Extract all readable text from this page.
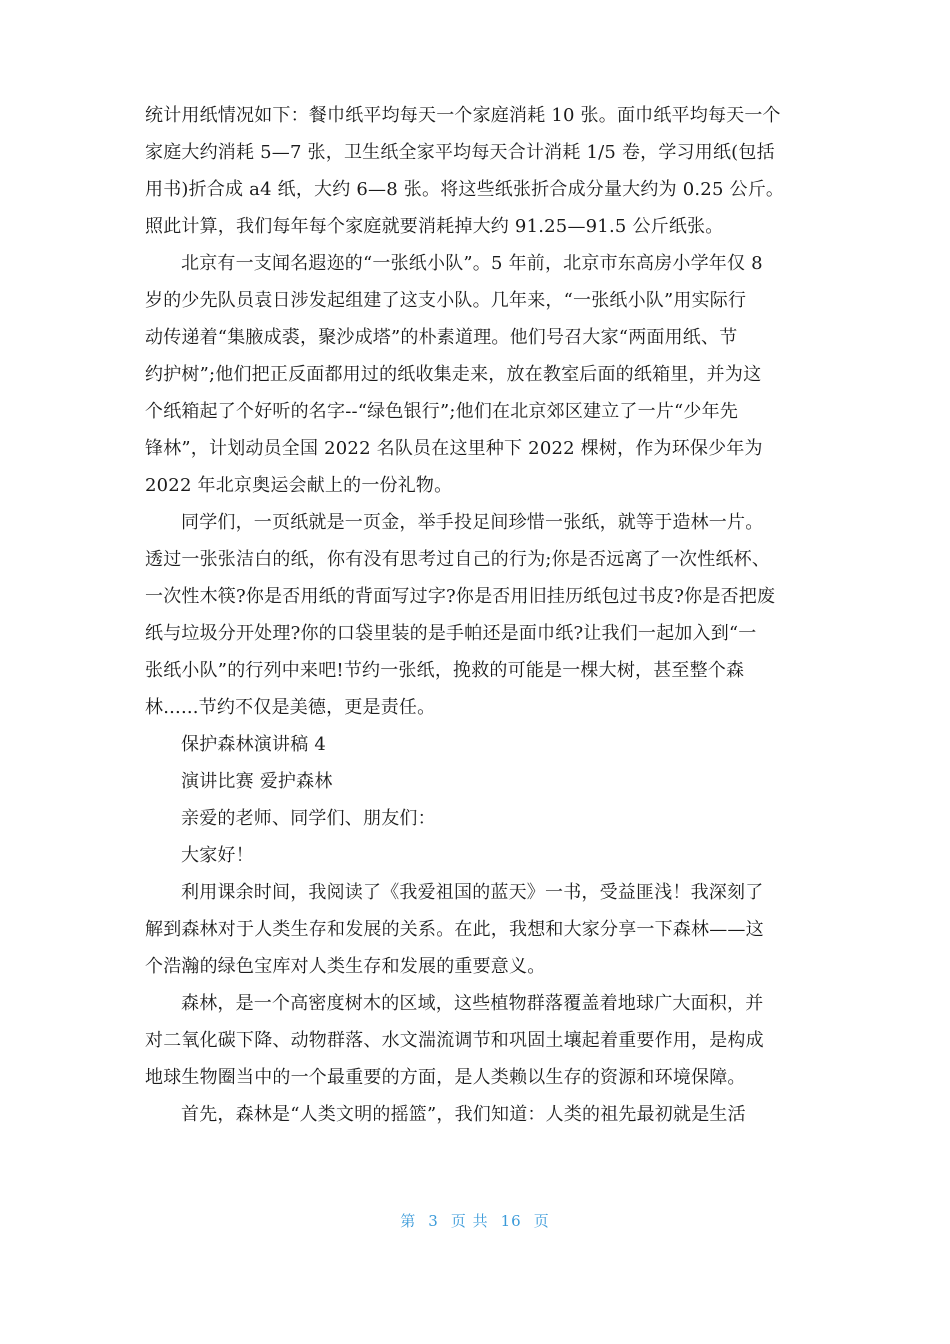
统计用纸情况如下：餐巾纸平均每天一个家庭消耗 10 张。面巾纸平均每天一个
家庭大约消耗 5—7 张，卫生纸全家平均每天合计消耗 1/5 卷，学习用纸(包括
用书)折合成 a4 纸，大约 6—8 张。将这些纸张折合成分量大约为 0.25 公斤。
照此计算，我们每年每个家庭就要消耗掉大约 91.25—91.5 公斤纸张。

北京有一支闻名遐迩的“一张纸小队”。5 年前，北京市东高房小学年仅 8
岁的少先队员袁日涉发起组建了这支小队。几年来，“一张纸小队”用实际行
动传递着“集腋成裘，聚沙成塔”的朴素道理。他们号召大家“两面用纸、节
约护树”;他们把正反面都用过的纸收集走来，放在教室后面的纸箱里，并为这
个纸箱起了个好听的名字--“绿色银行”;他们在北京郊区建立了一片“少年先
锋林”，计划动员全国 2022 名队员在这里种下 2022 棵树，作为环保少年为
2022 年北京奥运会献上的一份礼物。

同学们，一页纸就是一页金，举手投足间珍惜一张纸，就等于造林一片。
透过一张张洁白的纸，你有没有思考过自己的行为;你是否远离了一次性纸杯、
一次性木筷?你是否用纸的背面写过字?你是否用旧挂历纸包过书皮?你是否把废
纸与垃圾分开处理?你的口袋里装的是手帕还是面巾纸?让我们一起加入到“一
张纸小队”的行列中来吧!节约一张纸，挽救的可能是一棵大树，甚至整个森
林......节约不仅是美德，更是责任。

保护森林演讲稿 4

演讲比赛 爱护森林

亲爱的老师、同学们、朋友们：

大家好！

利用课余时间，我阅读了《我爱祖国的蓝天》一书，受益匪浅！我深刻了
解到森林对于人类生存和发展的关系。在此，我想和大家分享一下森林——这
个浩瀚的绿色宝库对人类生存和发展的重要意义。

森林，是一个高密度树木的区域，这些植物群落覆盖着地球广大面积，并
对二氧化碳下降、动物群落、水文湍流调节和巩固土壤起着重要作用，是构成
地球生物圈当中的一个最重要的方面，是人类赖以生存的资源和环境保障。

首先，森林是“人类文明的摇篮”，我们知道：人类的祖先最初就是生活

第 3 页 共 16 页
